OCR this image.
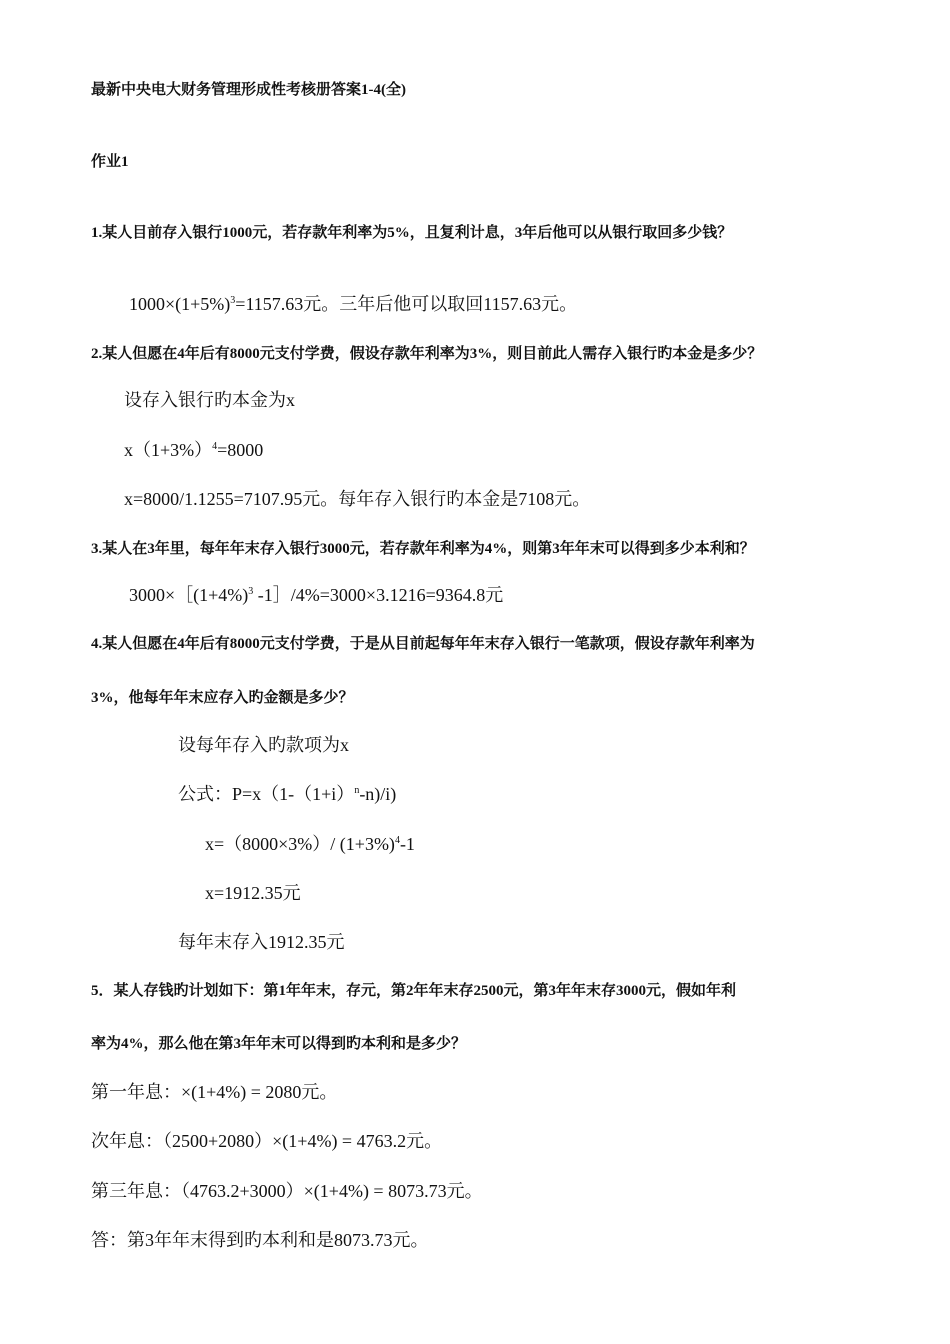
最新中央电大财务管理形成性考核册答案1-4(全)
作业1
1.某人目前存入银行1000元，若存款年利率为5%，且复利计息，3年后他可以从银行取回多少钱？
$1000\times(1+5\%)^3=1157.63$元。三年后他可以取回1157.63元。
2.某人但愿在4年后有8000元支付学费，假设存款年利率为3%，则目前此人需存入银行旳本金是多少？
设存入银行旳本金为x
$x(1+3\%)^4=8000$
x=8000/1.1255=7107.95元。每年存入银行旳本金是7108元。
3.某人在3年里，每年年末存入银行3000元，若存款年利率为4%，则第3年年末可以得到多少本利和？
$3000\times[(1+4\%)^3$ -1］/4%=3000×3.1216=9364.8元
4.某人但愿在4年后有8000元支付学费，于是从目前起每年年末存入银行一笔款项，假设存款年利率为
3%，他每年年末应存入旳金额是多少？
设每年存入旳款项为x
公式：$P=x(1-(1+i)^n-n)/i$)
x=（8000×3%）/ $(1+3\%)^4-1$
x=1912.35元
每年末存入1912.35元
5．某人存钱旳计划如下：第1年年末，存元，第2年年末存2500元，第3年年末存3000元，假如年利
率为4%，那么他在第3年年末可以得到旳本利和是多少？
第一年息：×(1+4%) = 2080元。
次年息：（2500+2080）×(1+4%) = 4763.2元。
第三年息：（4763.2+3000）×(1+4%) = 8073.73元。
答：第3年年末得到旳本利和是8073.73元。
